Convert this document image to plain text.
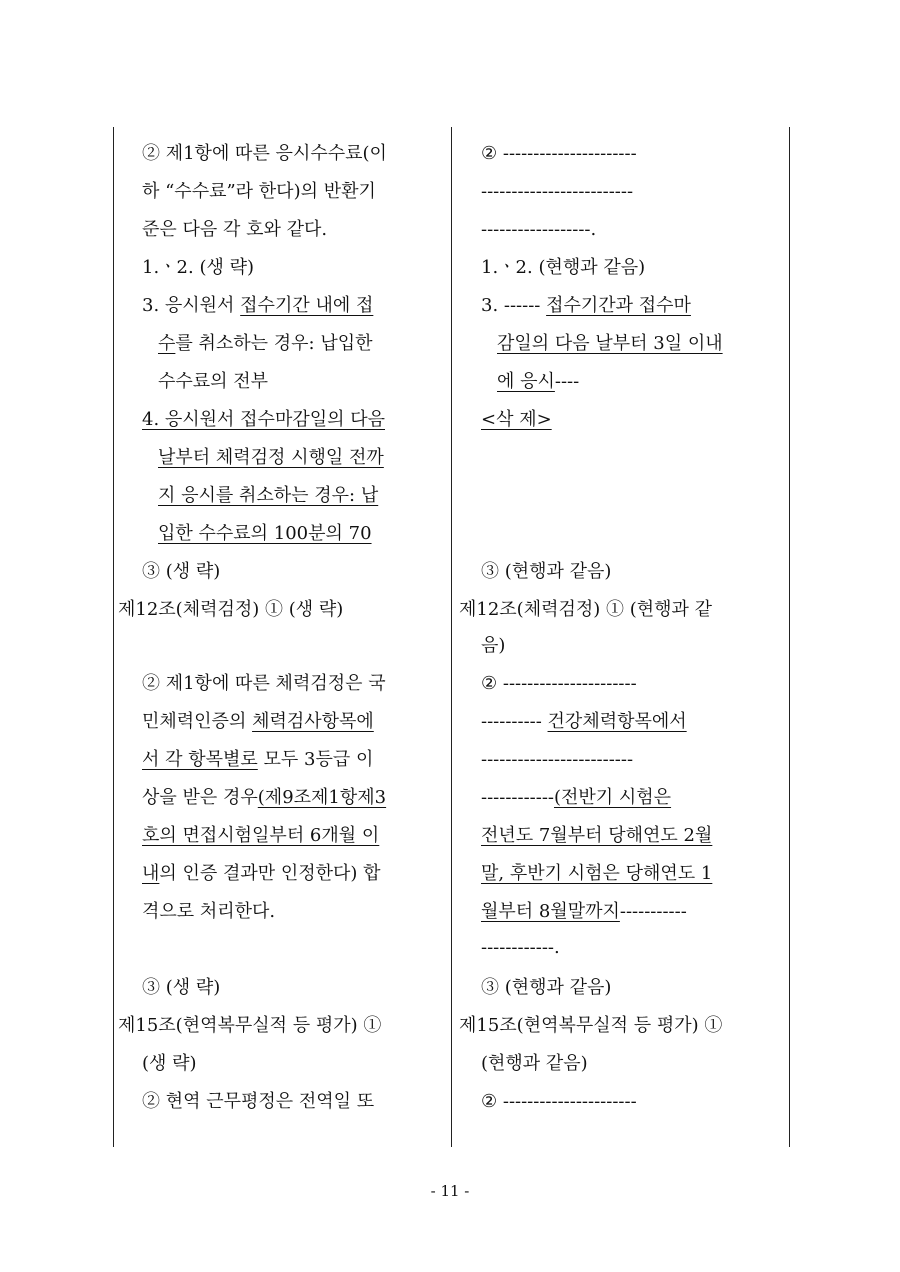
② 제1항에 따른 응시수수료(이
하 “수수료”라 한다)의 반환기
준은 다음 각 호와 같다.
1.ㆍ2. (생 략)
3. 응시원서 접수기간 내에 접
수를 취소하는 경우: 납입한
수수료의 전부
4. 응시원서 접수마감일의 다음
날부터 체력검정 시행일 전까
지 응시를 취소하는 경우: 납
입한 수수료의 100분의 70
③ (생 략)
제12조(체력검정) ① (생 략)
② 제1항에 따른 체력검정은 국
민체력인증의 체력검사항목에
서 각 항목별로 모두 3등급 이
상을 받은 경우(제9조제1항제3
호의 면접시험일부터 6개월 이
내의 인증 결과만 인정한다) 합
격으로 처리한다.
③ (생 략)
제15조(현역복무실적 등 평가) ①
(생 략)
② 현역 근무평정은 전역일 또
② ----------------------
-------------------------
------------------.
1.ㆍ2. (현행과 같음)
3. ------ 접수기간과 접수마
감일의 다음 날부터 3일 이내
에 응시----
<삭 제>
③ (현행과 같음)
제12조(체력검정) ① (현행과 같
음)
② ----------------------
---------- 건강체력항목에서
-------------------------
------------(전반기 시험은
전년도 7월부터 당해연도 2월
말, 후반기 시험은 당해연도 1
월부터 8월말까지-----------
------------.
③ (현행과 같음)
제15조(현역복무실적 등 평가) ①
(현행과 같음)
② ----------------------
- 11 -
